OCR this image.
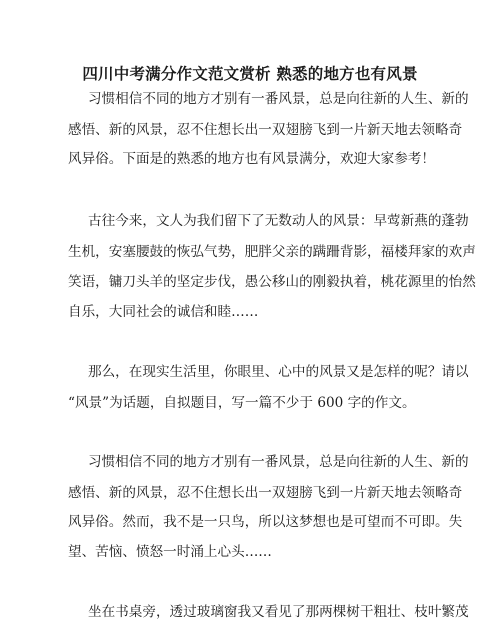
四川中考满分作文范文赏析 熟悉的地方也有风景
习惯相信不同的地方才别有一番风景，总是向往新的人生、新的
感悟、新的风景，忍不住想长出一双翅膀飞到一片新天地去领略奇
风异俗。下面是的熟悉的地方也有风景满分，欢迎大家参考！
古往今来，文人为我们留下了无数动人的风景：早莺新燕的蓬勃
生机，安塞腰鼓的恢弘气势，肥胖父亲的蹒跚背影，福楼拜家的欢声
笑语，镛刀头羊的坚定步伐，愚公移山的刚毅执着，桃花源里的怡然
自乐，大同社会的诚信和睦……
那么，在现实生活里，你眼里、心中的风景又是怎样的呢？请以
“风景”为话题，自拟题目，写一篇不少于 600 字的作文。
习惯相信不同的地方才别有一番风景，总是向往新的人生、新的
感悟、新的风景，忍不住想长出一双翅膀飞到一片新天地去领略奇
风异俗。然而，我不是一只鸟，所以这梦想也是可望而不可即。失
望、苦恼、愤怒一时涌上心头……
坐在书桌旁，透过玻璃窗我又看见了那两棵树干粗壮、枝叶繁茂
